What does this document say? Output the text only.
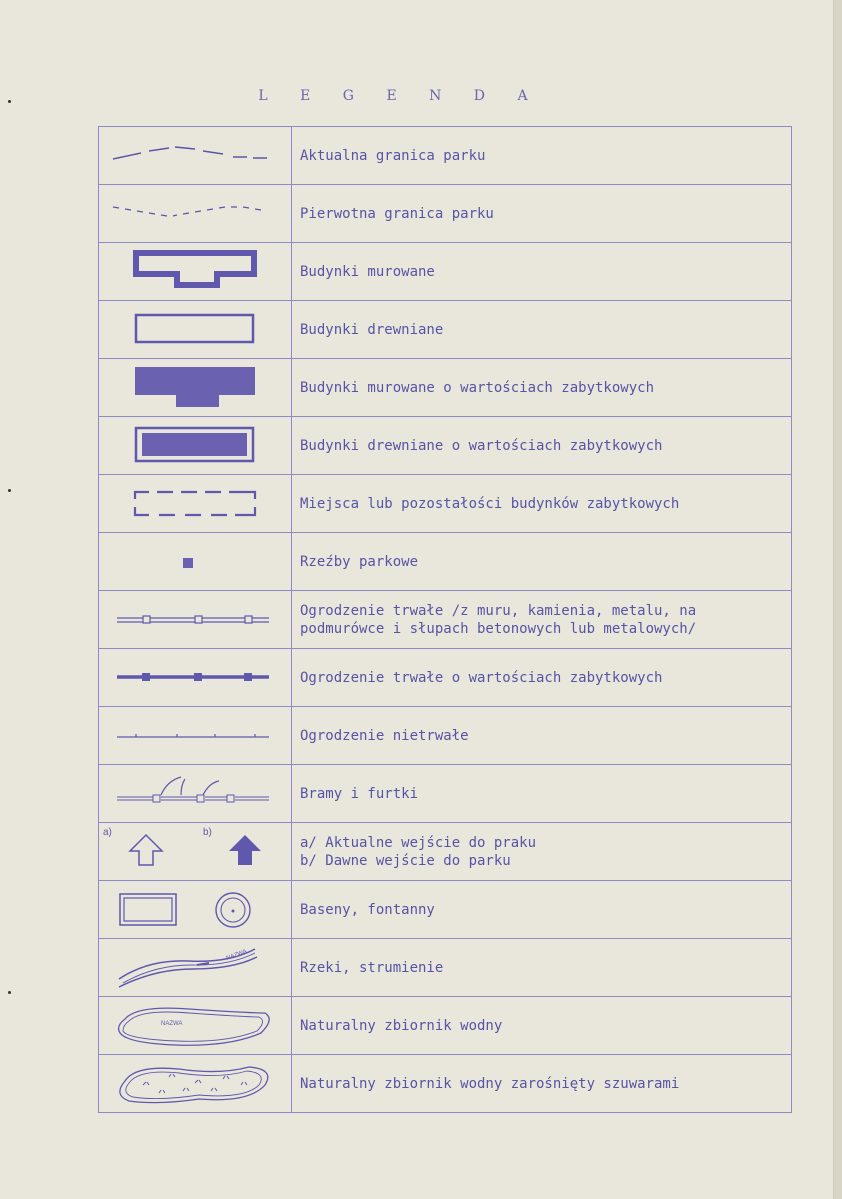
L E G E N D A
	Aktualna granica parku

	Pierwotna granica parku

	Budynki murowane

	Budynki drewniane

	Budynki murowane o wartościach zabytkowych

	Budynki drewniane o wartościach zabytkowych

	Miejsca lub pozostałości budynków zabytkowych

	Rzeźby parkowe

Ogrodzenie trwałe /z muru, kamienia, metalu, na
podmurówce i słupach betonowych lub metalowych/

	Ogrodzenie trwałe o wartościach zabytkowych

	Ogrodzenie nietrwałe

	Bramy i furtki

a) b)	a/ Aktualne wejście do praku
b/ Dawne wejście do parku

	Baseny, fontanny

NAZWA	Rzeki, strumienie

NAZWA	Naturalny zbiornik wodny

	Naturalny zbiornik wodny zarośnięty szuwarami
